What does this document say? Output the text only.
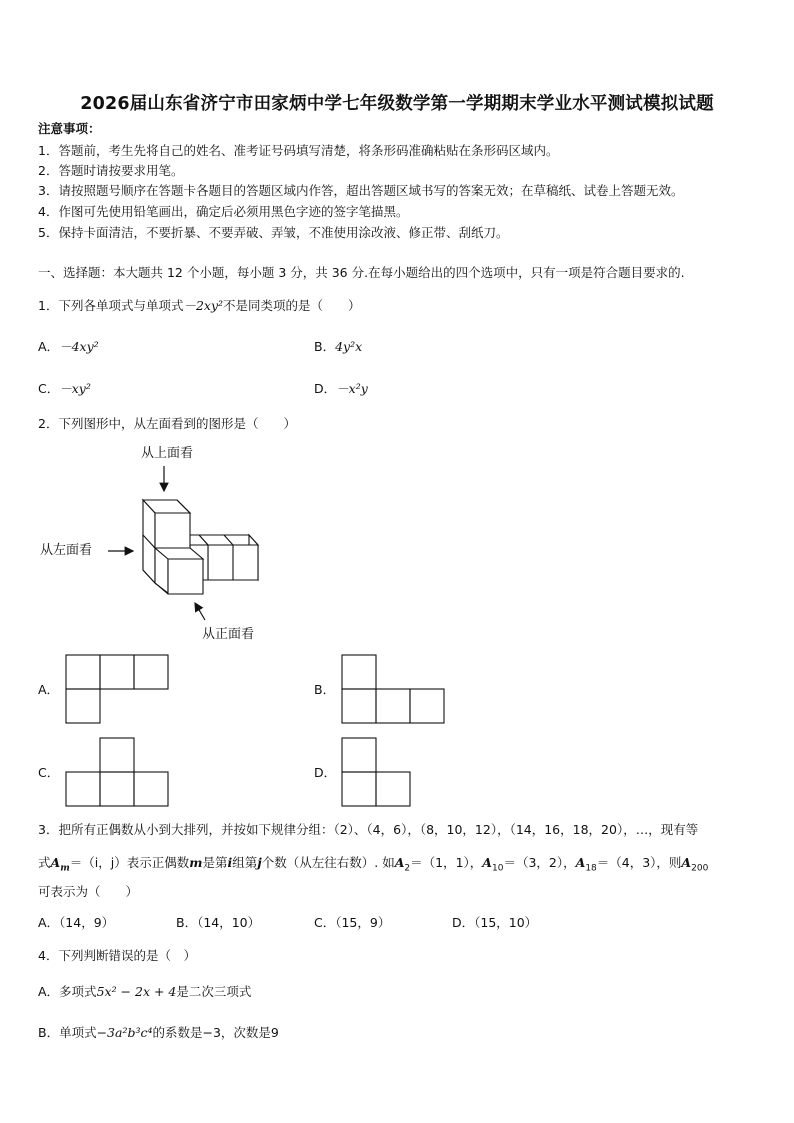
2026届山东省济宁市田家炳中学七年级数学第一学期期末学业水平测试模拟试题
注意事项：
1．答题前，考生先将自己的姓名、准考证号码填写清楚，将条形码准确粘贴在条形码区域内。
2．答题时请按要求用笔。
3．请按照题号顺序在答题卡各题目的答题区域内作答，超出答题区域书写的答案无效；在草稿纸、试卷上答题无效。
4．作图可先使用铅笔画出，确定后必须用黑色字迹的签字笔描黑。
5．保持卡面清洁，不要折暴、不要弄破、弄皱，不准使用涂改液、修正带、刮纸刀。
一、选择题：本大题共 12 个小题，每小题 3 分，共 36 分.在每小题给出的四个选项中，只有一项是符合题目要求的.
1．下列各单项式与单项式－2xy²不是同类项的是（　　）
A．－4xy²	B．4y²x
C．－xy²	D．－x²y
2．下列图形中，从左面看到的图形是（　　）
从上面看
从左面看
从正面看
A．	B．
C．	D．
3．把所有正偶数从小到大排列，并按如下规律分组：（2）、（4，6），（8，10，12），（14，16，18，20），…，现有等
式$A_m=(i$，j）表示正偶数m是第i组第j个数（从左往右数）. 如$A_2=(1$，1），$A_{10}=(3$，2），$A_{18}=(4$，3），则$A_{200}$
可表示为（　　）
A．（14，9）	B．（14，10）	C．（15，9）	D．（15，10）
4．下列判断错误的是（　）
A．多项式5x² − 2x + 4是二次三项式
B．单项式−3a²b³c⁴的系数是−3，次数是9
